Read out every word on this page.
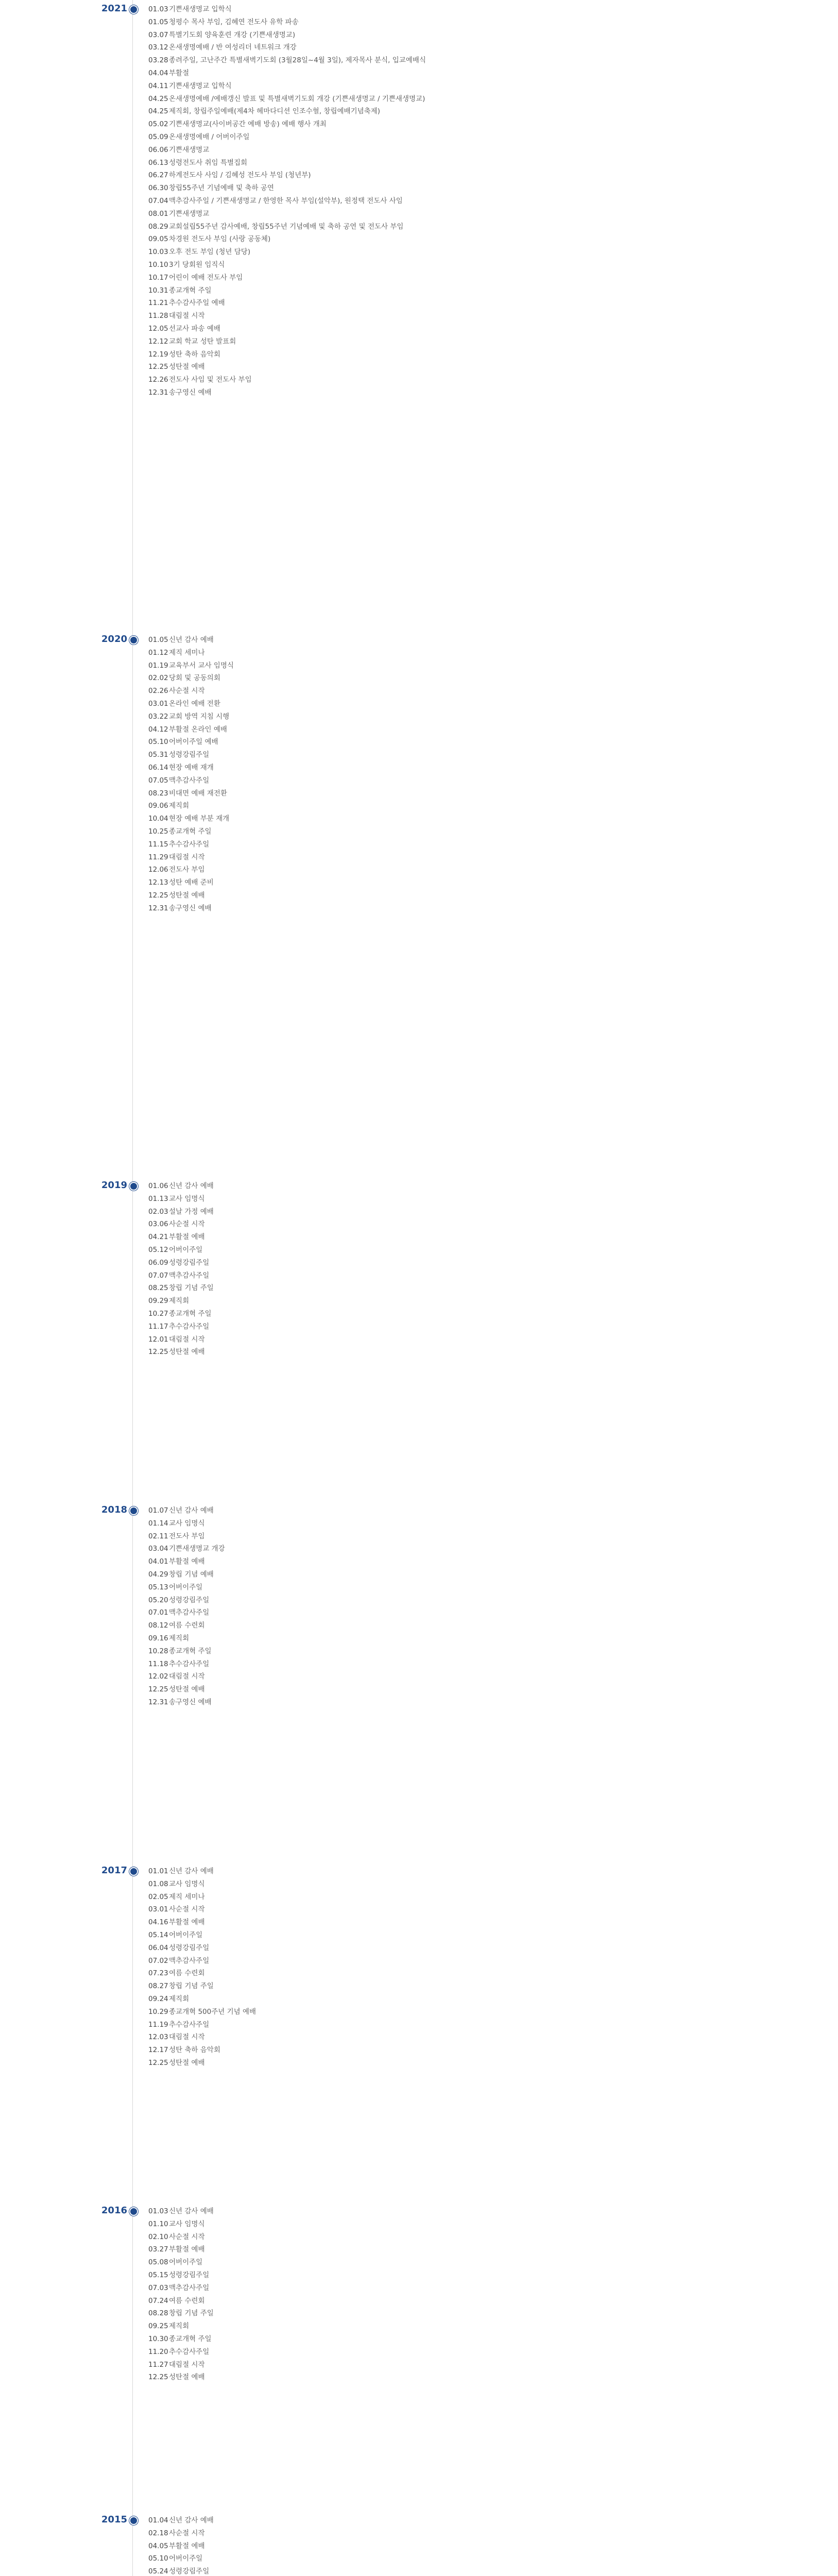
2021	01.03기쁜새생명교 입학식
01.05청평수 목사 부임, 김혜연 전도사 유학 파송
03.07특별기도회 양육훈련 개강 (기쁜새생명교)
03.12온새생명예배 / 반 여성리더 네트워크 개강
03.28종려주일, 고난주간 특별새벽기도회 (3월28일~4월 3일), 제자목사 분식, 입교예배식
04.04부활절
04.11기쁜새생명교 입학식
04.25온새생명예배 /예배갱신 발표 및 특별새벽기도회 개강 (기쁜새생명교 / 기쁜새생명교)
04.25제직회, 창립주일예배(제4차 헤마다디션 인조수혈, 창립예배기념축제)
05.02기쁜새생명교(사이버공간 예배 방송) 예배 행사 개최
05.09온새생명예배 / 어버이주일
06.06기쁜새생명교
06.13성령전도사 취임 특별집회
06.27하계전도사 사임 / 김혜성 전도사 부임 (청년부)
06.30창립55주년 기념예배 및 축하 공연
07.04맥추감사주일 / 기쁜새생명교 / 한영한 목사 부임(설악부), 원정택 전도사 사임
08.01기쁜새생명교
08.29교회설립55주년 감사예배, 창립55주년 기념예배 및 축하 공연 및 전도사 부임
09.05차경원 전도사 부임 (사랑 공동체)
10.03오후 전도 부임 (청년 담당)
10.103기 당회원 임직식
10.17어린이 예배 전도사 부임
10.31종교개혁 주일
11.21추수감사주일 예배
11.28대림절 시작
12.05선교사 파송 예배
12.12교회 학교 성탄 발표회
12.19성탄 축하 음악회
12.25성탄절 예배
12.26전도사 사임 및 전도사 부임
12.31송구영신 예배
2020	01.05신년 감사 예배
01.12제직 세미나
01.19교육부서 교사 임명식
02.02당회 및 공동의회
02.26사순절 시작
03.01온라인 예배 전환
03.22교회 방역 지침 시행
04.12부활절 온라인 예배
05.10어버이주일 예배
05.31성령강림주일
06.14현장 예배 재개
07.05맥추감사주일
08.23비대면 예배 재전환
09.06제직회
10.04현장 예배 부분 재개
10.25종교개혁 주일
11.15추수감사주일
11.29대림절 시작
12.06전도사 부임
12.13성탄 예배 준비
12.25성탄절 예배
12.31송구영신 예배
2019	01.06신년 감사 예배
01.13교사 임명식
02.03설날 가정 예배
03.06사순절 시작
04.21부활절 예배
05.12어버이주일
06.09성령강림주일
07.07맥추감사주일
08.25창립 기념 주일
09.29제직회
10.27종교개혁 주일
11.17추수감사주일
12.01대림절 시작
12.25성탄절 예배
2018	01.07신년 감사 예배
01.14교사 임명식
02.11전도사 부임
03.04기쁜새생명교 개강
04.01부활절 예배
04.29창립 기념 예배
05.13어버이주일
05.20성령강림주일
07.01맥추감사주일
08.12여름 수련회
09.16제직회
10.28종교개혁 주일
11.18추수감사주일
12.02대림절 시작
12.25성탄절 예배
12.31송구영신 예배
2017	01.01신년 감사 예배
01.08교사 임명식
02.05제직 세미나
03.01사순절 시작
04.16부활절 예배
05.14어버이주일
06.04성령강림주일
07.02맥추감사주일
07.23여름 수련회
08.27창립 기념 주일
09.24제직회
10.29종교개혁 500주년 기념 예배
11.19추수감사주일
12.03대림절 시작
12.17성탄 축하 음악회
12.25성탄절 예배
2016	01.03신년 감사 예배
01.10교사 임명식
02.10사순절 시작
03.27부활절 예배
05.08어버이주일
05.15성령강림주일
07.03맥추감사주일
07.24여름 수련회
08.28창립 기념 주일
09.25제직회
10.30종교개혁 주일
11.20추수감사주일
11.27대림절 시작
12.25성탄절 예배
2015	01.04신년 감사 예배
02.18사순절 시작
04.05부활절 예배
05.10어버이주일
05.24성령강림주일
